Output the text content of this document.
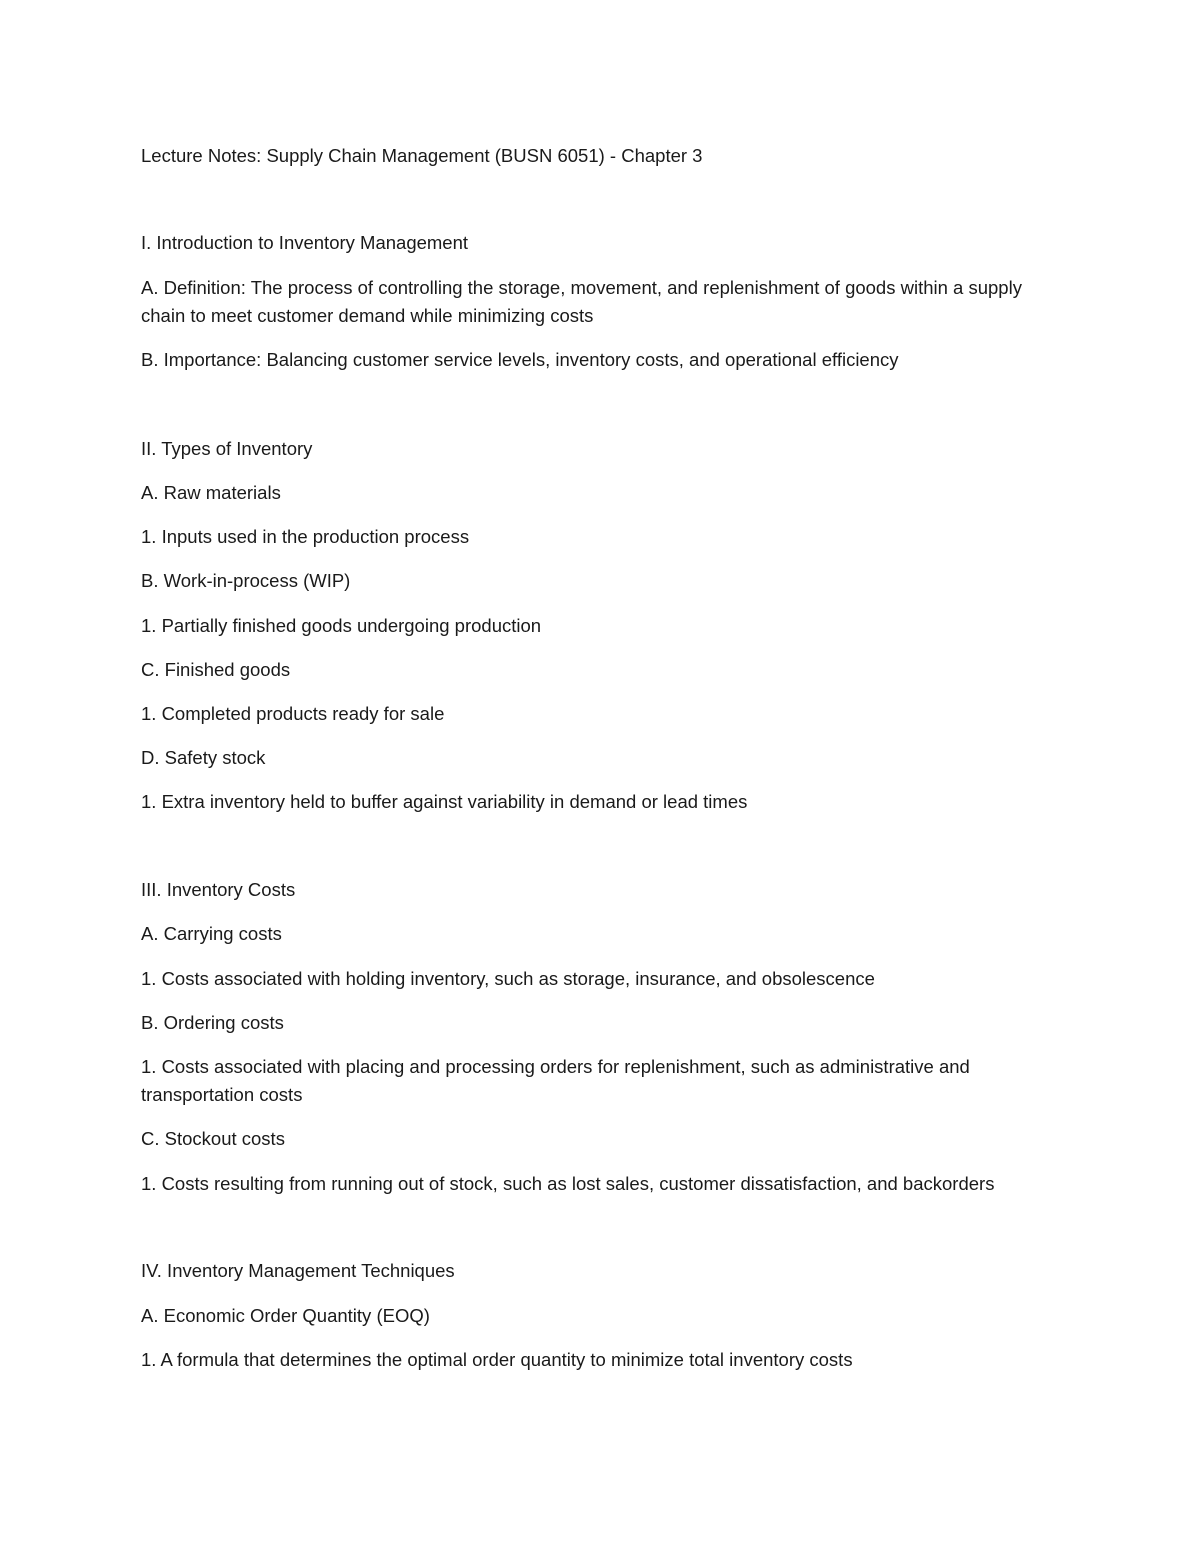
Lecture Notes: Supply Chain Management (BUSN 6051) - Chapter 3
I. Introduction to Inventory Management
A. Definition: The process of controlling the storage, movement, and replenishment of goods within a supply chain to meet customer demand while minimizing costs
B. Importance: Balancing customer service levels, inventory costs, and operational efficiency
II. Types of Inventory
A. Raw materials
1. Inputs used in the production process
B. Work-in-process (WIP)
1. Partially finished goods undergoing production
C. Finished goods
1. Completed products ready for sale
D. Safety stock
1. Extra inventory held to buffer against variability in demand or lead times
III. Inventory Costs
A. Carrying costs
1. Costs associated with holding inventory, such as storage, insurance, and obsolescence
B. Ordering costs
1. Costs associated with placing and processing orders for replenishment, such as administrative and transportation costs
C. Stockout costs
1. Costs resulting from running out of stock, such as lost sales, customer dissatisfaction, and backorders
IV. Inventory Management Techniques
A. Economic Order Quantity (EOQ)
1. A formula that determines the optimal order quantity to minimize total inventory costs
